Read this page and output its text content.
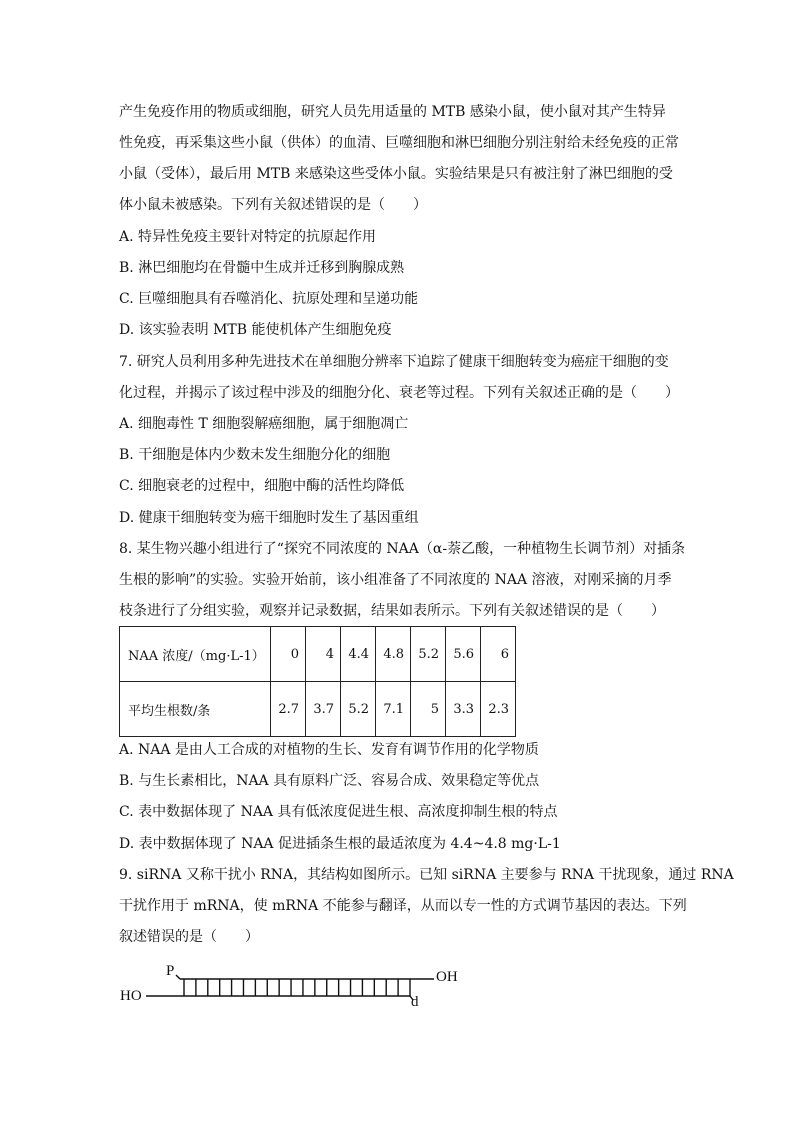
产生免疫作用的物质或细胞，研究人员先用适量的 MTB 感染小鼠，使小鼠对其产生特异
性免疫，再采集这些小鼠（供体）的血清、巨噬细胞和淋巴细胞分别注射给未经免疫的正常
小鼠（受体），最后用 MTB 来感染这些受体小鼠。实验结果是只有被注射了淋巴细胞的受
体小鼠未被感染。下列有关叙述错误的是（　　）
A. 特异性免疫主要针对特定的抗原起作用
B. 淋巴细胞均在骨髓中生成并迁移到胸腺成熟
C. 巨噬细胞具有吞噬消化、抗原处理和呈递功能
D. 该实验表明 MTB 能使机体产生细胞免疫
7. 研究人员利用多种先进技术在单细胞分辨率下追踪了健康干细胞转变为癌症干细胞的变
化过程，并揭示了该过程中涉及的细胞分化、衰老等过程。下列有关叙述正确的是（　　）
A. 细胞毒性 T 细胞裂解癌细胞，属于细胞凋亡
B. 干细胞是体内少数未发生细胞分化的细胞
C. 细胞衰老的过程中，细胞中酶的活性均降低
D. 健康干细胞转变为癌干细胞时发生了基因重组
8. 某生物兴趣小组进行了“探究不同浓度的 NAA（α-萘乙酸，一种植物生长调节剂）对插条
生根的影响”的实验。实验开始前，该小组准备了不同浓度的 NAA 溶液，对刚采摘的月季
枝条进行了分组实验，观察并记录数据，结果如表所示。下列有关叙述错误的是（　　）
NAA 浓度/（mg·L-1）	0	4	4.4	4.8	5.2	5.6	6
平均生根数/条	2.7	3.7	5.2	7.1	5	3.3	2.3
A. NAA 是由人工合成的对植物的生长、发育有调节作用的化学物质
B. 与生长素相比，NAA 具有原料广泛、容易合成、效果稳定等优点
C. 表中数据体现了 NAA 具有低浓度促进生根、高浓度抑制生根的特点
D. 表中数据体现了 NAA 促进插条生根的最适浓度为 4.4~4.8 mg·L-1
9. siRNA 又称干扰小 RNA，其结构如图所示。已知 siRNA 主要参与 RNA 干扰现象，通过 RNA
干扰作用于 mRNA，使 mRNA 不能参与翻译，从而以专一性的方式调节基因的表达。下列
叙述错误的是（　　）
P	OH
HO	d
